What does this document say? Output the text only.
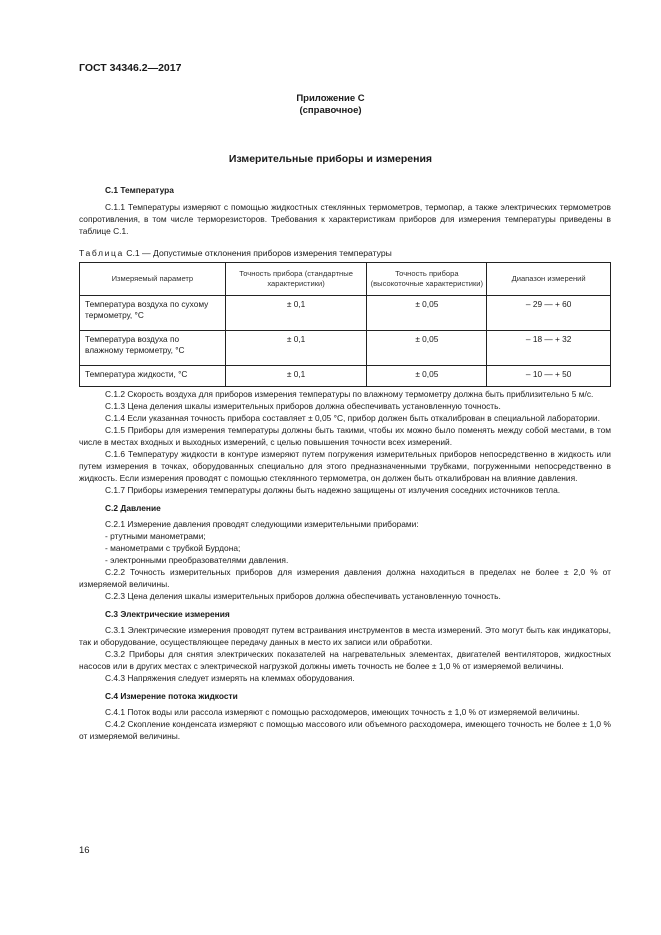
ГОСТ 34346.2—2017
Приложение С
(справочное)
Измерительные приборы и измерения
С.1 Температура

С.1.1 Температуры измеряют с помощью жидкостных стеклянных термометров, термопар, а также электрических термометров сопротивления, в том числе терморезисторов. Требования к характеристикам приборов для измерения температуры приведены в таблице С.1.

Таблица С.1 — Допустимые отклонения приборов измерения температуры
Измеряемый параметр	Точность прибора (стандартные характеристики)	Точность прибора (высокоточные характеристики)	Диапазон измерений
Температура воздуха по сухому термометру, °С	± 0,1	± 0,05	– 29 — + 60
Температура воздуха по влажному термометру, °С	± 0,1	± 0,05	– 18 — + 32
Температура жидкости, °С	± 0,1	± 0,05	– 10 — + 50

С.1.2 Скорость воздуха для приборов измерения температуры по влажному термометру должна быть приблизительно 5 м/с.

С.1.3 Цена деления шкалы измерительных приборов должна обеспечивать установленную точность.

С.1.4 Если указанная точность прибора составляет ± 0,05 °С, прибор должен быть откалиброван в специальной лаборатории.

С.1.5 Приборы для измерения температуры должны быть такими, чтобы их можно было поменять между собой местами, в том числе в местах входных и выходных измерений, с целью повышения точности всех измерений.

С.1.6 Температуру жидкости в контуре измеряют путем погружения измерительных приборов непосредственно в жидкость или путем измерения в точках, оборудованных специально для этого предназначенными трубками, погруженными непосредственно в жидкость. Если измерения проводят с помощью стеклянного термометра, он должен быть откалиброван на влияние давления.

С.1.7 Приборы измерения температуры должны быть надежно защищены от излучения соседних источников тепла.

С.2 Давление

С.2.1 Измерение давления проводят следующими измерительными приборами:

- ртутными манометрами;
- манометрами с трубкой Бурдона;
- электронными преобразователями давления.

С.2.2 Точность измерительных приборов для измерения давления должна находиться в пределах не более ± 2,0 % от измеряемой величины.

С.2.3 Цена деления шкалы измерительных приборов должна обеспечивать установленную точность.

С.3 Электрические измерения

С.3.1 Электрические измерения проводят путем встраивания инструментов в места измерений. Это могут быть как индикаторы, так и оборудование, осуществляющее передачу данных в место их записи или обработки.

С.3.2 Приборы для снятия электрических показателей на нагревательных элементах, двигателей вентиляторов, жидкостных насосов или в других местах с электрической нагрузкой должны иметь точность не более ± 1,0 % от измеряемой величины.

С.4.3 Напряжения следует измерять на клеммах оборудования.

С.4 Измерение потока жидкости

С.4.1 Поток воды или рассола измеряют с помощью расходомеров, имеющих точность ± 1,0 % от измеряемой величины.

С.4.2 Скопление конденсата измеряют с помощью массового или объемного расходомера, имеющего точность не более ± 1,0 % от измеряемой величины.

16
